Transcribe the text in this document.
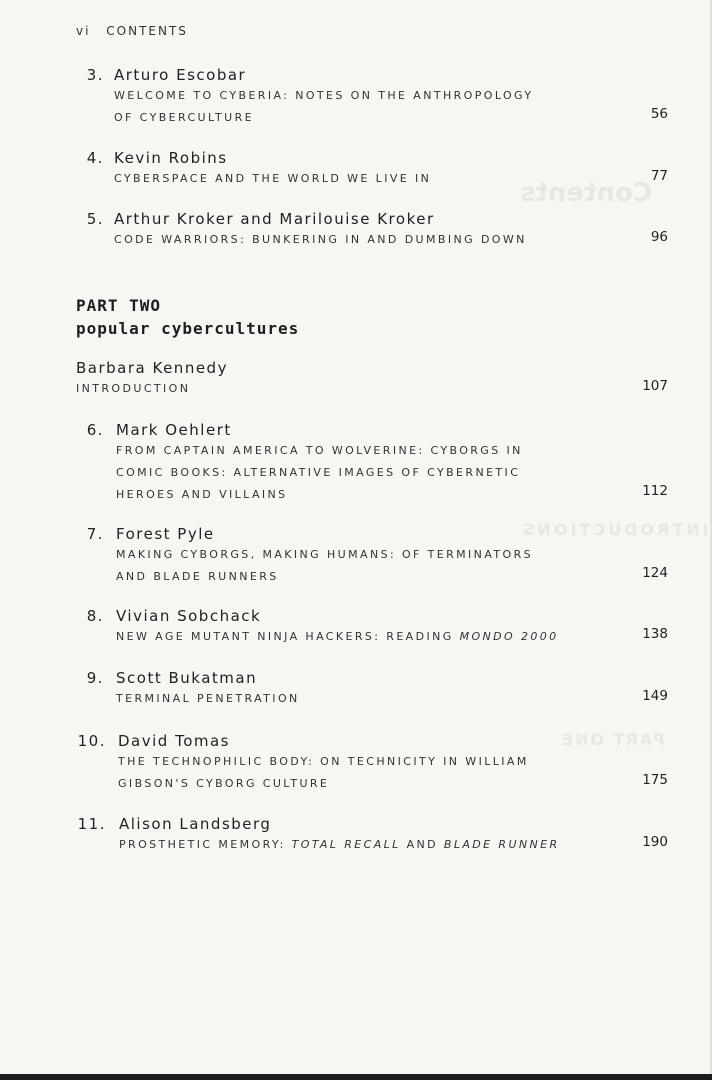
Contents
INTRODUCTIONS
PART ONE
vi CONTENTS
3. Arturo Escobar
WELCOME TO CYBERIA: NOTES ON THE ANTHROPOLOGY
OF CYBERCULTURE	56
4. Kevin Robins
CYBERSPACE AND THE WORLD WE LIVE IN	77
5. Arthur Kroker and Marilouise Kroker
CODE WARRIORS: BUNKERING IN AND DUMBING DOWN	96
PART TWO
popular cybercultures
Barbara Kennedy
INTRODUCTION	107
6. Mark Oehlert
FROM CAPTAIN AMERICA TO WOLVERINE: CYBORGS IN
COMIC BOOKS: ALTERNATIVE IMAGES OF CYBERNETIC
HEROES AND VILLAINS	112
7. Forest Pyle
MAKING CYBORGS, MAKING HUMANS: OF TERMINATORS
AND BLADE RUNNERS	124
8. Vivian Sobchack
NEW AGE MUTANT NINJA HACKERS: READING MONDO 2000	138
9. Scott Bukatman
TERMINAL PENETRATION	149
10. David Tomas
THE TECHNOPHILIC BODY: ON TECHNICITY IN WILLIAM
GIBSON'S CYBORG CULTURE	175
11. Alison Landsberg
PROSTHETIC MEMORY: TOTAL RECALL AND BLADE RUNNER	190
